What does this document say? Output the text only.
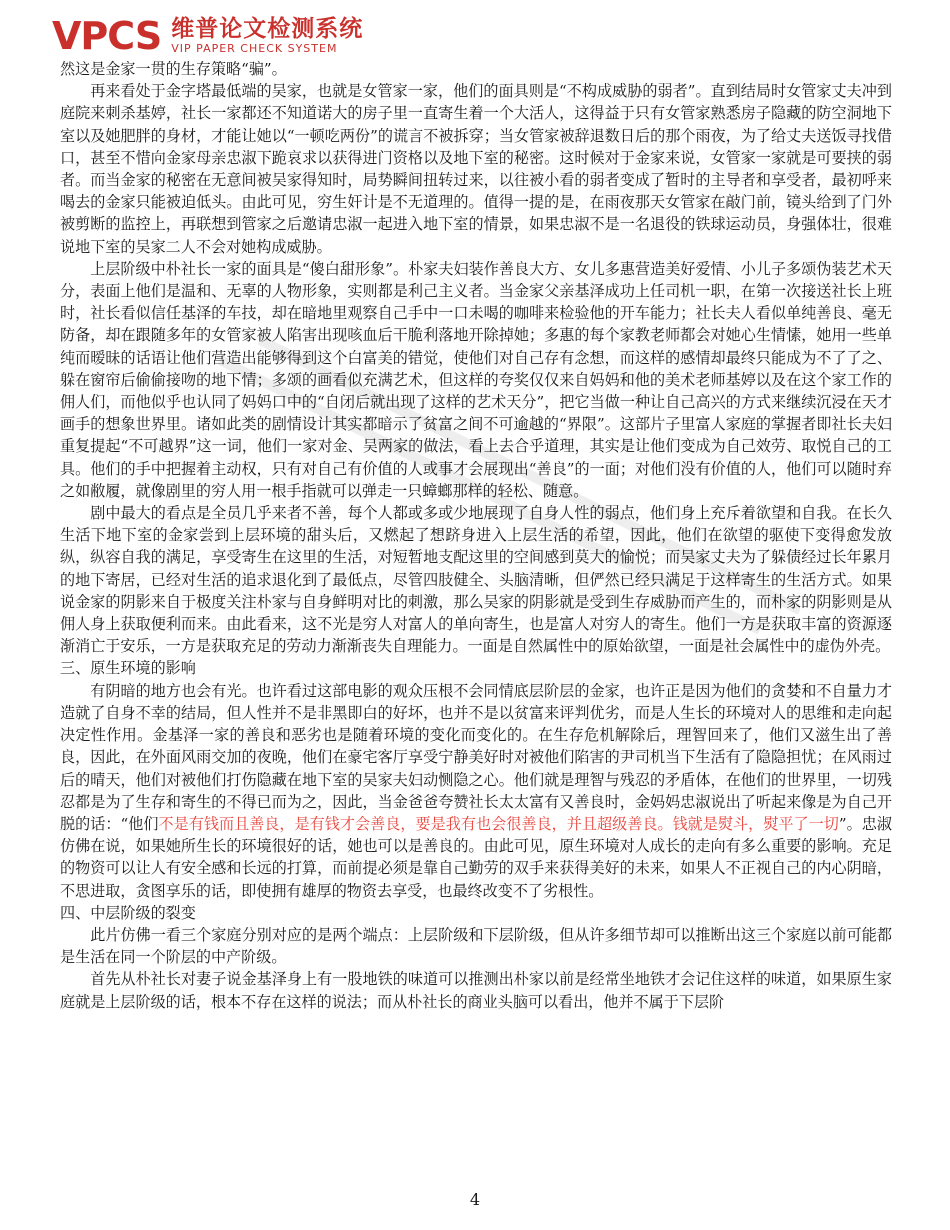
VPCS 维普论文检测系统
VIP PAPER CHECK SYSTEM

然这是金家一贯的生存策略“骗”。

再来看处于金字塔最低端的吴家，也就是女管家一家，他们的面具则是“不构成威胁的弱者”。直到结局时女管家丈夫冲到庭院来刺杀基婷，社长一家都还不知道诺大的房子里一直寄生着一个大活人，这得益于只有女管家熟悉房子隐藏的防空洞地下室以及她肥胖的身材，才能让她以“一顿吃两份”的谎言不被拆穿；当女管家被辞退数日后的那个雨夜，为了给丈夫送饭寻找借口，甚至不惜向金家母亲忠淑下跪哀求以获得进门资格以及地下室的秘密。这时候对于金家来说，女管家一家就是可要挟的弱者。而当金家的秘密在无意间被吴家得知时，局势瞬间扭转过来，以往被小看的弱者变成了暂时的主导者和享受者，最初呼来喝去的金家只能被迫低头。由此可见，穷生奸计是不无道理的。值得一提的是，在雨夜那天女管家在敲门前，镜头给到了门外被剪断的监控上，再联想到管家之后邀请忠淑一起进入地下室的情景，如果忠淑不是一名退役的铁球运动员，身强体壮，很难说地下室的吴家二人不会对她构成威胁。

上层阶级中朴社长一家的面具是“傻白甜形象”。朴家夫妇装作善良大方、女儿多惠营造美好爱情、小儿子多颂伪装艺术天分，表面上他们是温和、无辜的人物形象，实则都是利己主义者。当金家父亲基泽成功上任司机一职，在第一次接送社长上班时，社长看似信任基泽的车技，却在暗地里观察自己手中一口未喝的咖啡来检验他的开车能力；社长夫人看似单纯善良、毫无防备，却在跟随多年的女管家被人陷害出现咳血后干脆利落地开除掉她；多惠的每个家教老师都会对她心生情愫，她用一些单纯而暧昧的话语让他们营造出能够得到这个白富美的错觉，使他们对自己存有念想，而这样的感情却最终只能成为不了了之、躲在窗帘后偷偷接吻的地下情；多颂的画看似充满艺术，但这样的夸奖仅仅来自妈妈和他的美术老师基婷以及在这个家工作的佣人们，而他似乎也认同了妈妈口中的“自闭后就出现了这样的艺术天分”，把它当做一种让自己高兴的方式来继续沉浸在天才画手的想象世界里。诸如此类的剧情设计其实都暗示了贫富之间不可逾越的“界限”。这部片子里富人家庭的掌握者即社长夫妇重复提起“不可越界”这一词，他们一家对金、吴两家的做法，看上去合乎道理，其实是让他们变成为自己效劳、取悦自己的工具。他们的手中把握着主动权，只有对自己有价值的人或事才会展现出“善良”的一面；对他们没有价值的人，他们可以随时弃之如敝履，就像剧里的穷人用一根手指就可以弹走一只蟑螂那样的轻松、随意。

剧中最大的看点是全员几乎来者不善，每个人都或多或少地展现了自身人性的弱点，他们身上充斥着欲望和自我。在长久生活下地下室的金家尝到上层环境的甜头后，又燃起了想跻身进入上层生活的希望，因此，他们在欲望的驱使下变得愈发放纵，纵容自我的满足，享受寄生在这里的生活，对短暂地支配这里的空间感到莫大的愉悦；而吴家丈夫为了躲债经过长年累月的地下寄居，已经对生活的追求退化到了最低点，尽管四肢健全、头脑清晰，但俨然已经只满足于这样寄生的生活方式。如果说金家的阴影来自于极度关注朴家与自身鲜明对比的刺激，那么吴家的阴影就是受到生存威胁而产生的，而朴家的阴影则是从佣人身上获取便利而来。由此看来，这不光是穷人对富人的单向寄生，也是富人对穷人的寄生。他们一方是获取丰富的资源逐渐消亡于安乐，一方是获取充足的劳动力渐渐丧失自理能力。一面是自然属性中的原始欲望，一面是社会属性中的虚伪外壳。

三、原生环境的影响

有阴暗的地方也会有光。也许看过这部电影的观众压根不会同情底层阶层的金家，也许正是因为他们的贪婪和不自量力才造就了自身不幸的结局，但人性并不是非黑即白的好坏，也并不是以贫富来评判优劣，而是人生长的环境对人的思维和走向起决定性作用。金基泽一家的善良和恶劣也是随着环境的变化而变化的。在生存危机解除后，理智回来了，他们又滋生出了善良，因此，在外面风雨交加的夜晚，他们在豪宅客厅享受宁静美好时对被他们陷害的尹司机当下生活有了隐隐担忧；在风雨过后的晴天，他们对被他们打伤隐藏在地下室的吴家夫妇动恻隐之心。他们就是理智与残忍的矛盾体，在他们的世界里，一切残忍都是为了生存和寄生的不得已而为之，因此，当金爸爸夸赞社长太太富有又善良时，金妈妈忠淑说出了听起来像是为自己开脱的话：“他们不是有钱而且善良，是有钱才会善良，要是我有也会很善良，并且超级善良。钱就是熨斗，熨平了一切”。忠淑仿佛在说，如果她所生长的环境很好的话，她也可以是善良的。由此可见，原生环境对人成长的走向有多么重要的影响。充足的物资可以让人有安全感和长远的打算，而前提必须是靠自己勤劳的双手来获得美好的未来，如果人不正视自己的内心阴暗，不思进取，贪图享乐的话，即使拥有雄厚的物资去享受，也最终改变不了劣根性。

四、中层阶级的裂变

此片仿佛一看三个家庭分别对应的是两个端点：上层阶级和下层阶级，但从许多细节却可以推断出这三个家庭以前可能都是生活在同一个阶层的中产阶级。

首先从朴社长对妻子说金基泽身上有一股地铁的味道可以推测出朴家以前是经常坐地铁才会记住这样的味道，如果原生家庭就是上层阶级的话，根本不存在这样的说法；而从朴社长的商业头脑可以看出，他并不属于下层阶

4
